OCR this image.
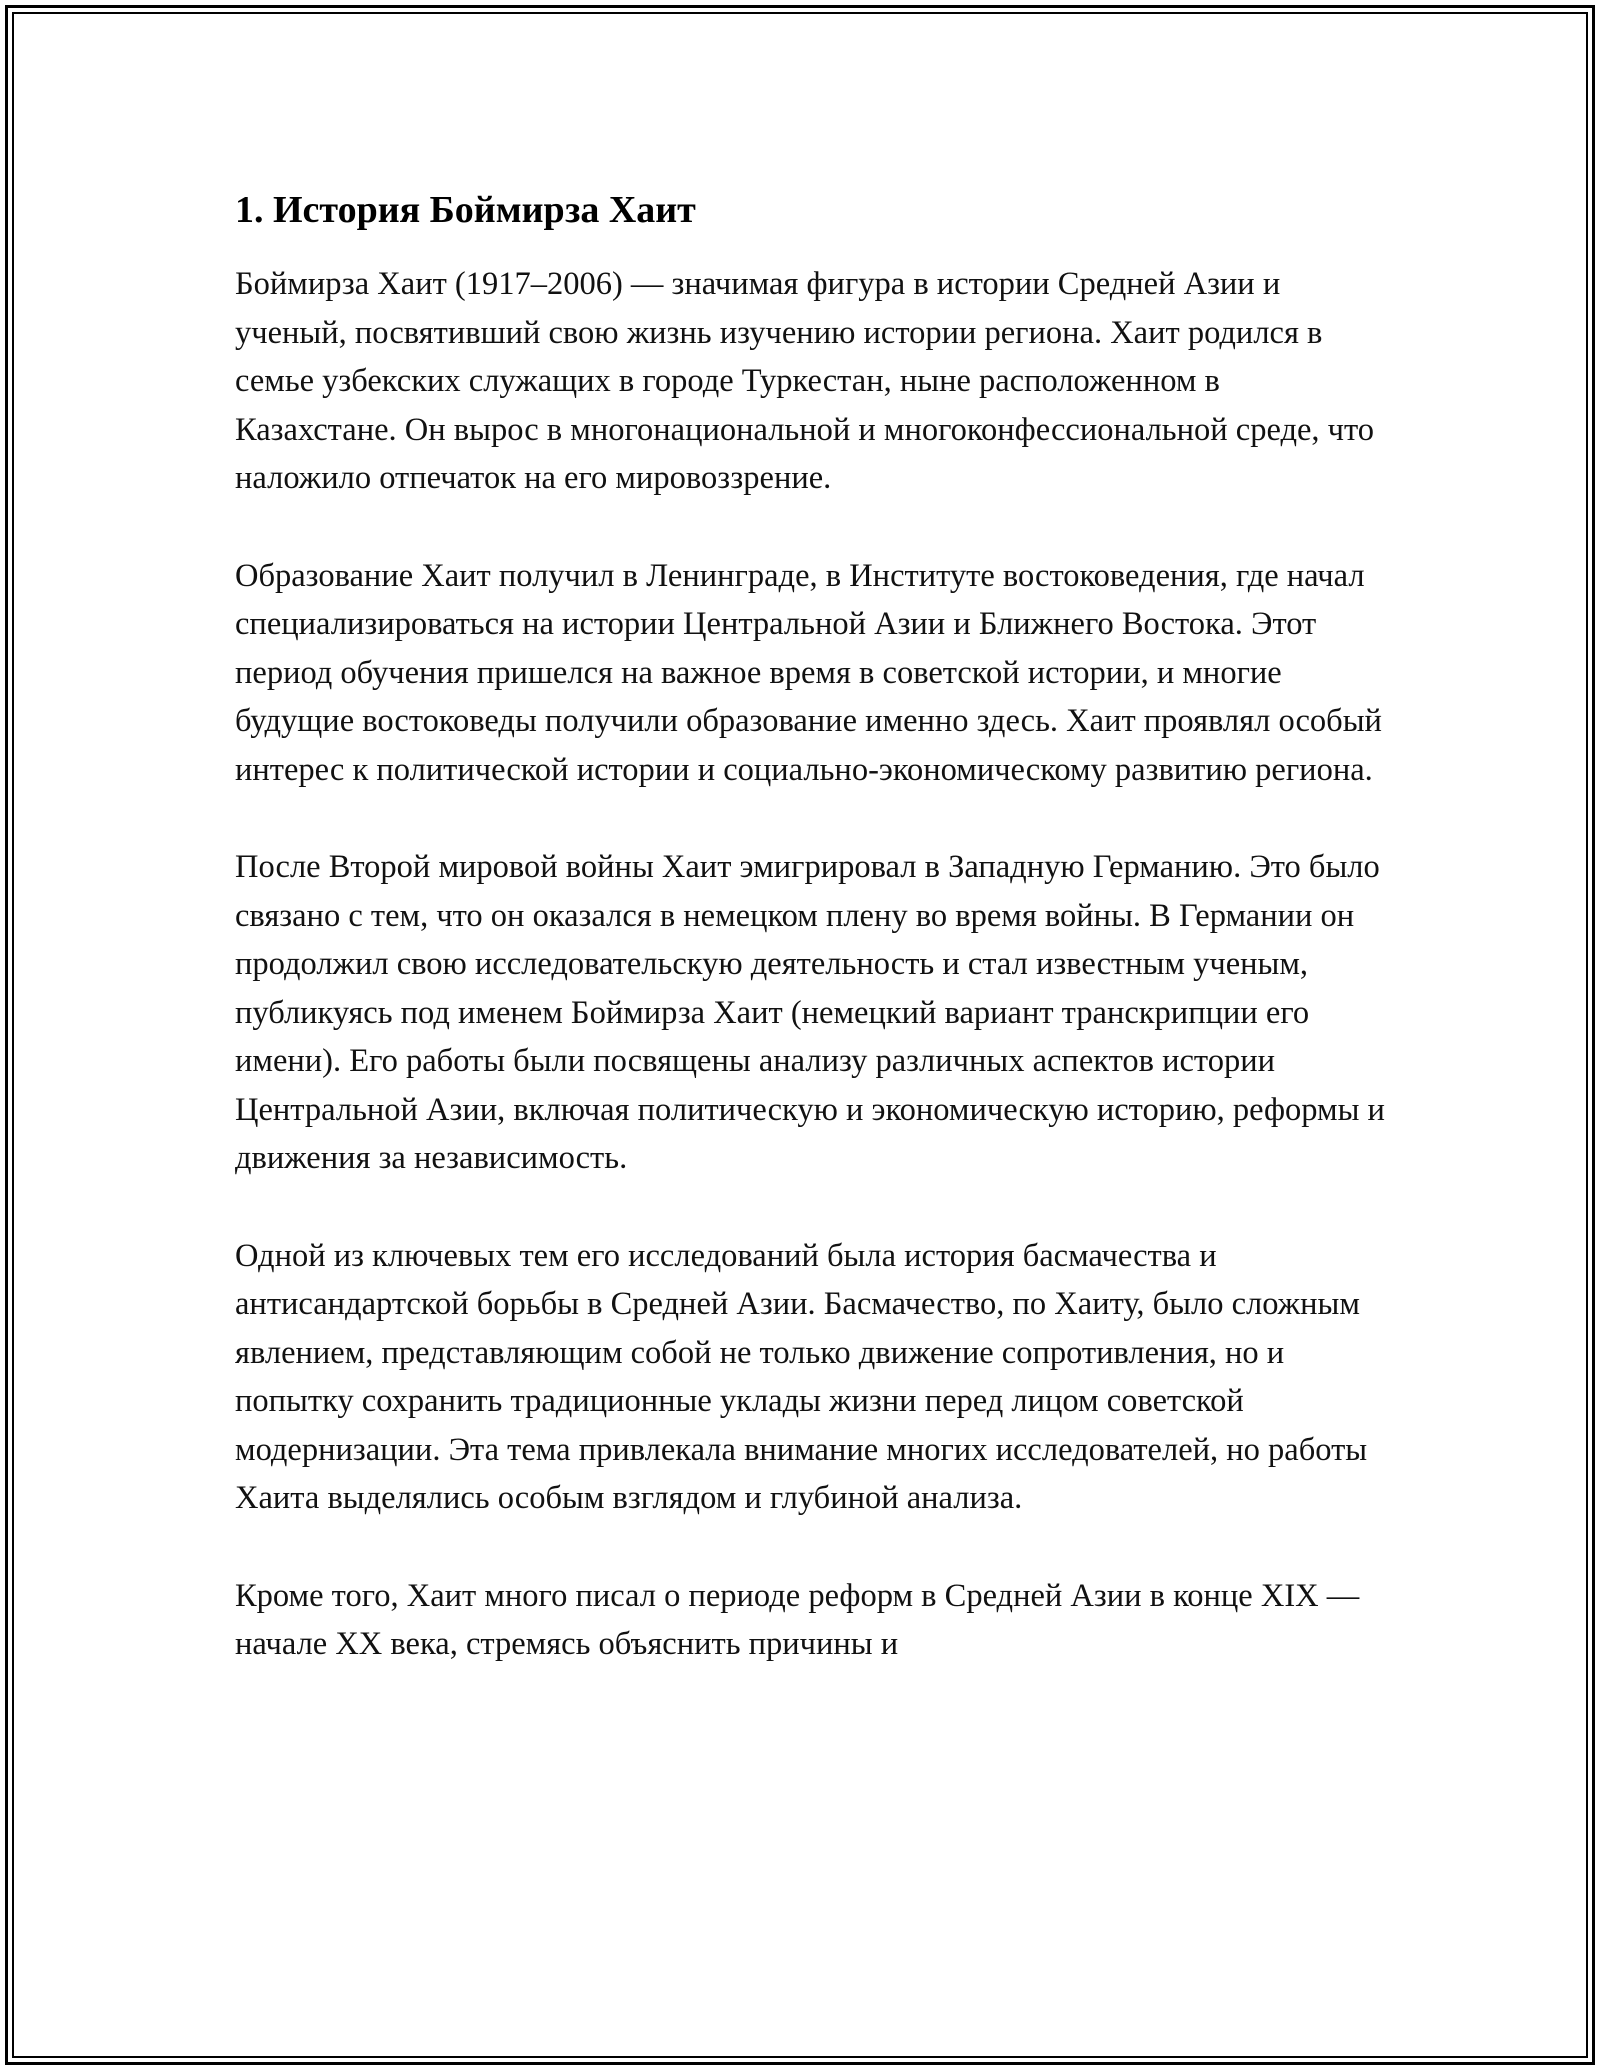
1. История Боймирза Хаит

Боймирза Хаит (1917–2006) — значимая фигура в истории Средней Азии и ученый, посвятивший свою жизнь изучению истории региона. Хаит родился в семье узбекских служащих в городе Туркестан, ныне расположенном в Казахстане. Он вырос в многонациональной и многоконфессиональной среде, что наложило отпечаток на его мировоззрение.

Образование Хаит получил в Ленинграде, в Институте востоковедения, где начал специализироваться на истории Центральной Азии и Ближнего Востока. Этот период обучения пришелся на важное время в советской истории, и многие будущие востоковеды получили образование именно здесь. Хаит проявлял особый интерес к политической истории и социально-экономическому развитию региона.

После Второй мировой войны Хаит эмигрировал в Западную Германию. Это было связано с тем, что он оказался в немецком плену во время войны. В Германии он продолжил свою исследовательскую деятельность и стал известным ученым, публикуясь под именем Боймирза Хаит (немецкий вариант транскрипции его имени). Его работы были посвящены анализу различных аспектов истории Центральной Азии, включая политическую и экономическую историю, реформы и движения за независимость.

Одной из ключевых тем его исследований была история басмачества и антисандартской борьбы в Средней Азии. Басмачество, по Хаиту, было сложным явлением, представляющим собой не только движение сопротивления, но и попытку сохранить традиционные уклады жизни перед лицом советской модернизации. Эта тема привлекала внимание многих исследователей, но работы Хаита выделялись особым взглядом и глубиной анализа.

Кроме того, Хаит много писал о периоде реформ в Средней Азии в конце XIX — начале XX века, стремясь объяснить причины и
